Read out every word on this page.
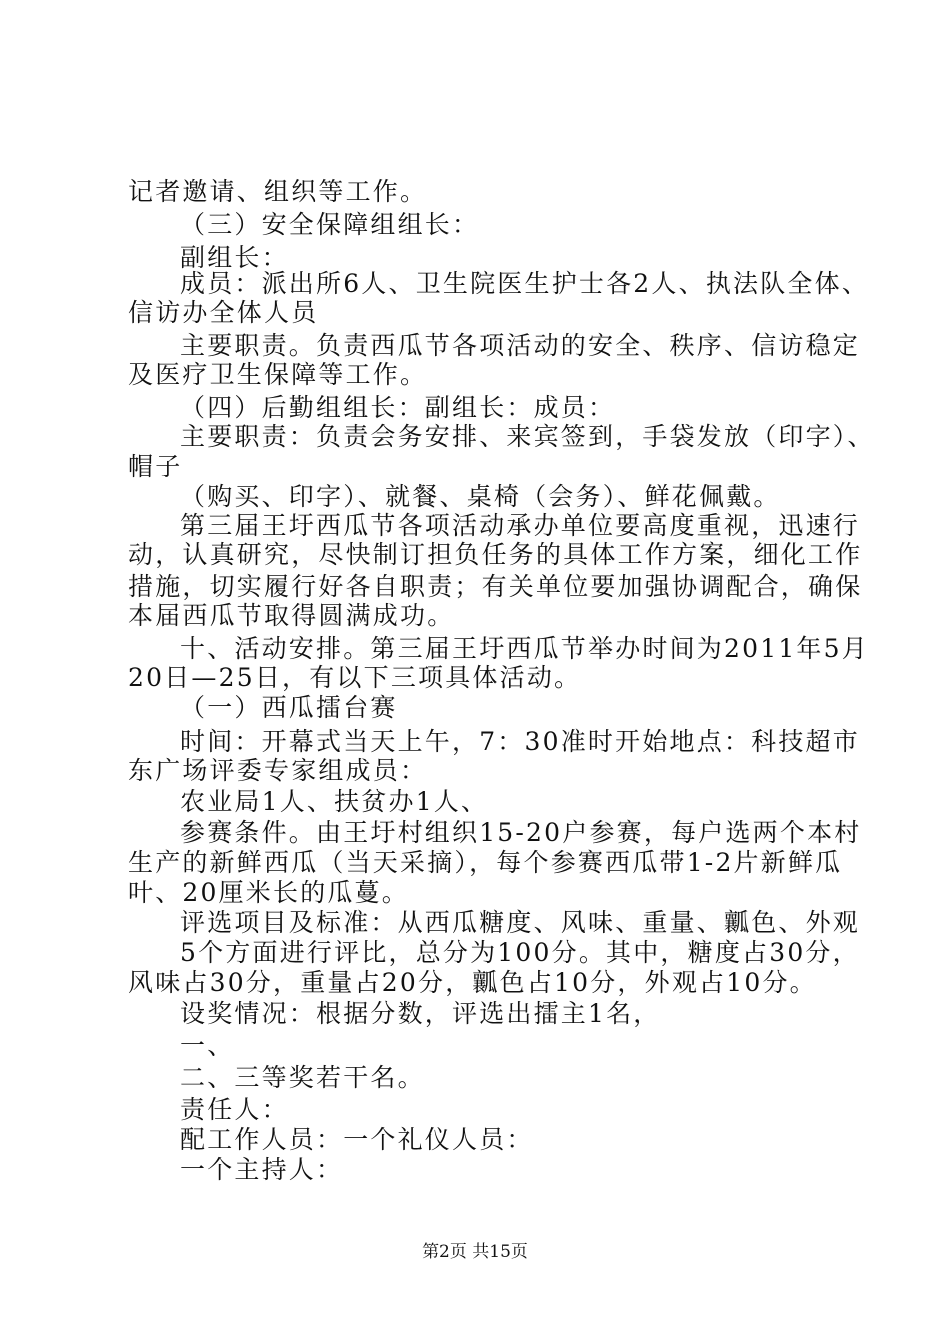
记者邀请、组织等工作。
（三）安全保障组组长：
副组长：
成员：派出所6人、卫生院医生护士各2人、执法队全体、
信访办全体人员
主要职责。负责西瓜节各项活动的安全、秩序、信访稳定
及医疗卫生保障等工作。
（四）后勤组组长：副组长：成员：
主要职责：负责会务安排、来宾签到，手袋发放（印字）、
帽子
（购买、印字）、就餐、桌椅（会务）、鲜花佩戴。
第三届王圩西瓜节各项活动承办单位要高度重视，迅速行
动，认真研究，尽快制订担负任务的具体工作方案，细化工作
措施，切实履行好各自职责；有关单位要加强协调配合，确保
本届西瓜节取得圆满成功。
十、活动安排。第三届王圩西瓜节举办时间为2011年5月
20日—25日，有以下三项具体活动。
（一）西瓜擂台赛
时间：开幕式当天上午，7：30准时开始地点：科技超市
东广场评委专家组成员：
农业局1人、扶贫办1人、
参赛条件。由王圩村组织15-20户参赛，每户选两个本村
生产的新鲜西瓜（当天采摘），每个参赛西瓜带1-2片新鲜瓜
叶、20厘米长的瓜蔓。
评选项目及标准：从西瓜糖度、风味、重量、瓤色、外观
5个方面进行评比，总分为100分。其中，糖度占30分，
风味占30分，重量占20分，瓤色占10分，外观占10分。
设奖情况：根据分数，评选出擂主1名，
一、
二、三等奖若干名。
责任人：
配工作人员：一个礼仪人员：
一个主持人：
第2页 共15页
